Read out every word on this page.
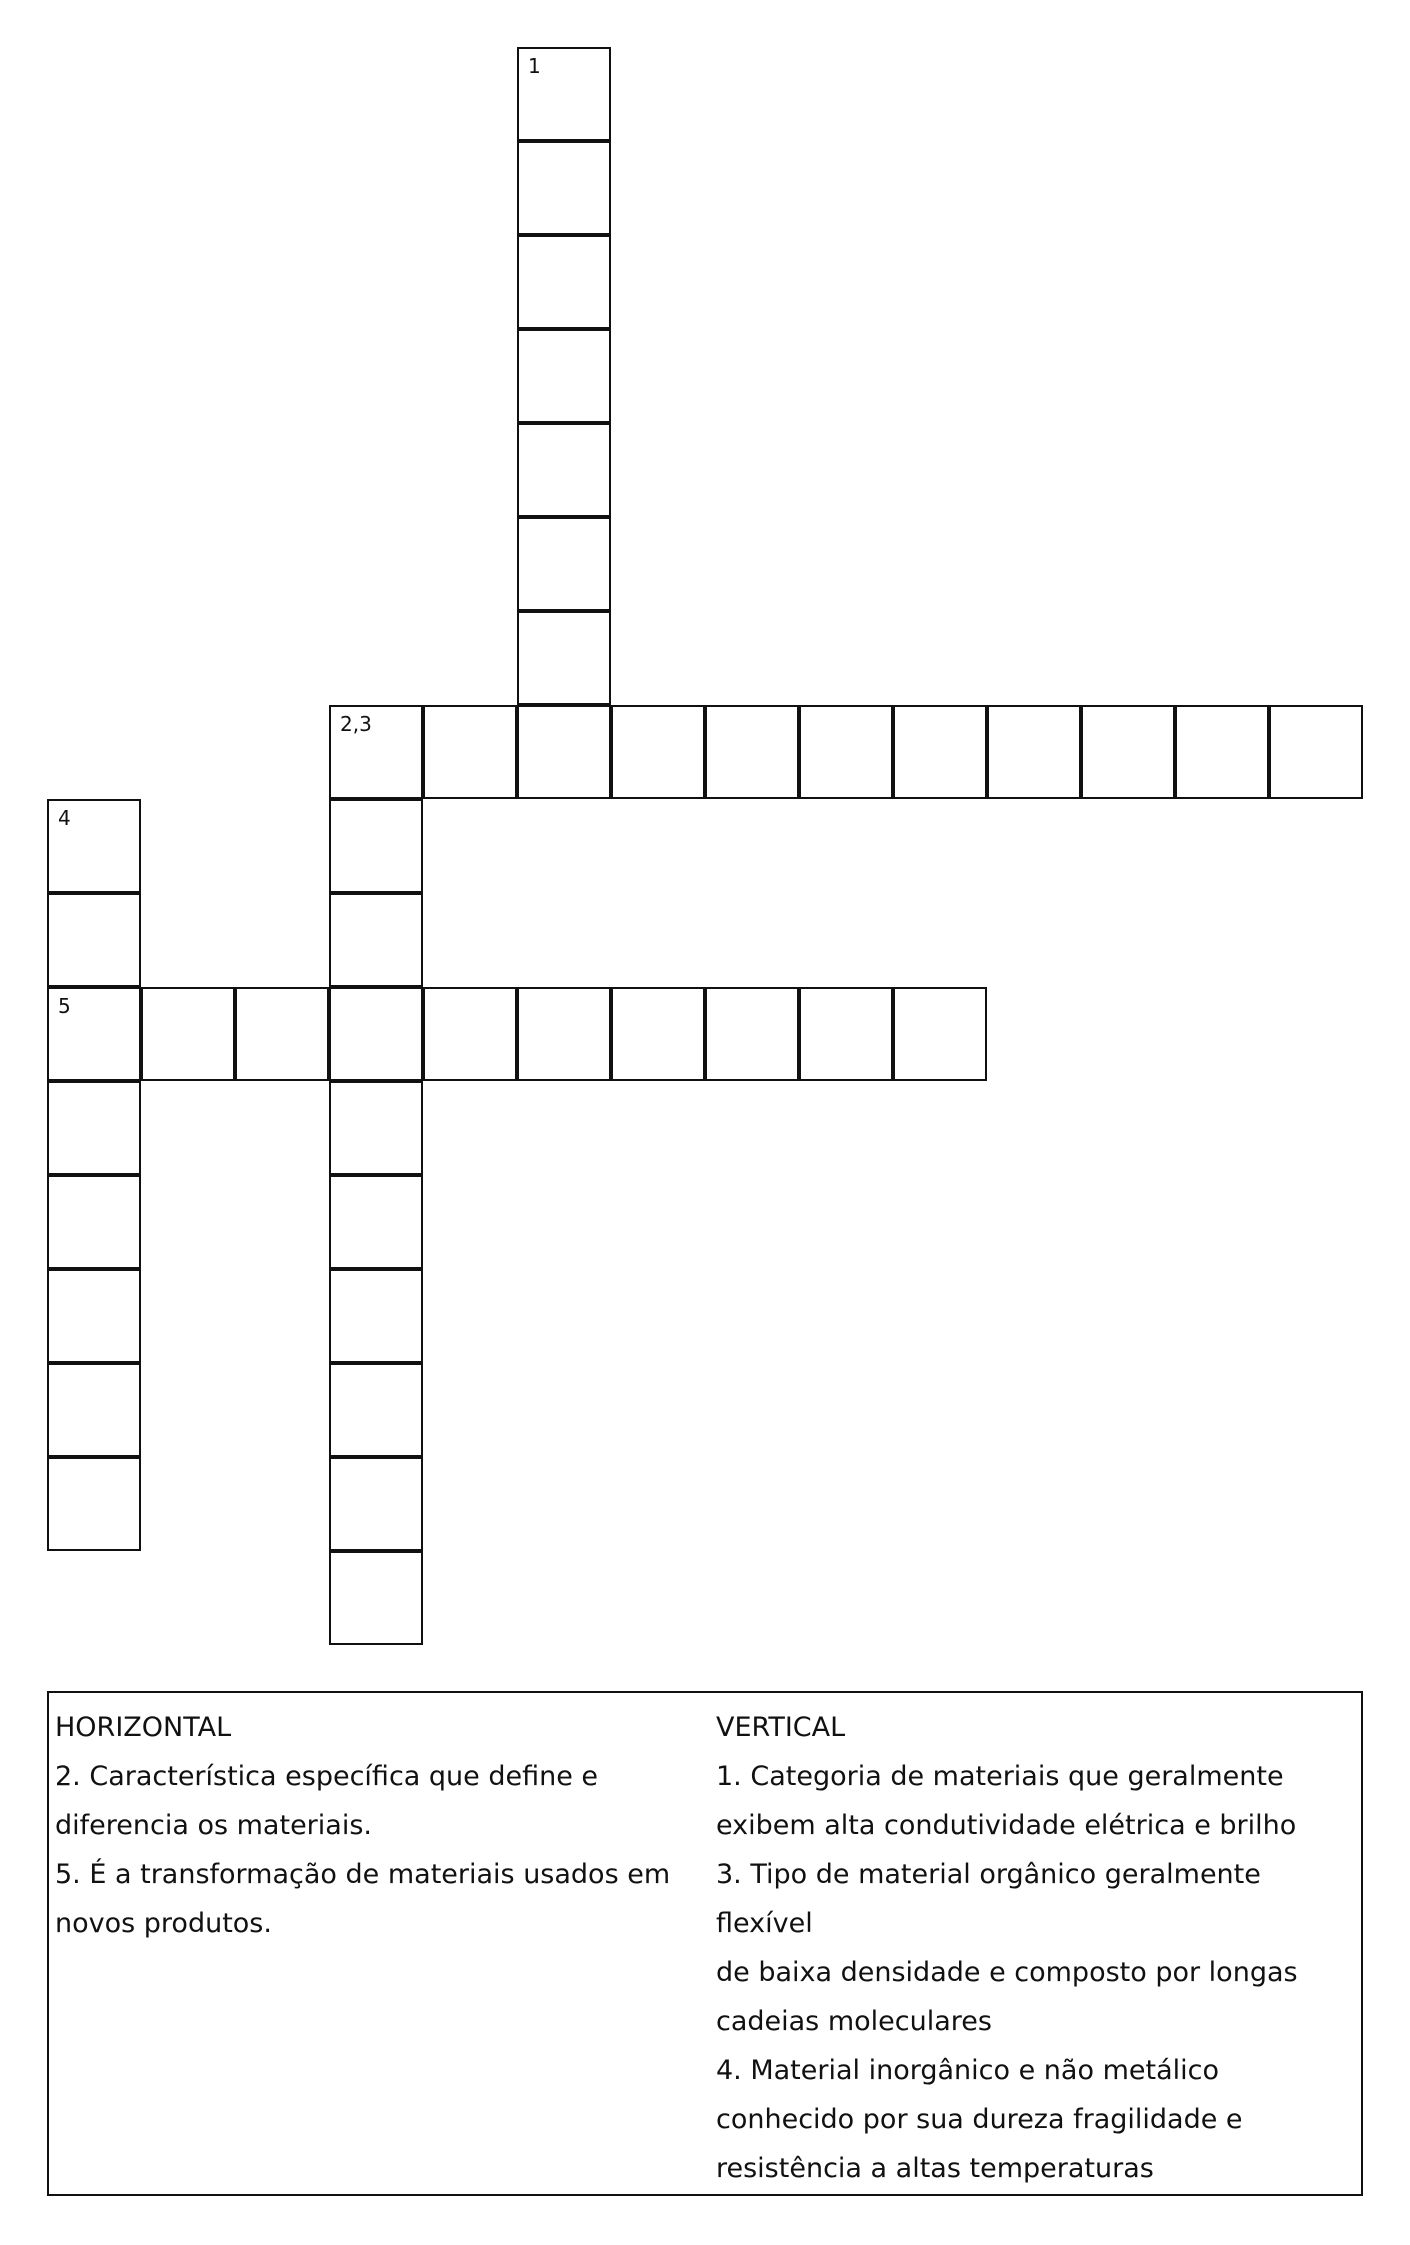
1
2,3
4
5

HORIZONTAL

2. Característica específica que define e

diferencia os materiais.

5. É a transformação de materiais usados em

novos produtos.

VERTICAL

1. Categoria de materiais que geralmente

exibem alta condutividade elétrica e brilho

3. Tipo de material orgânico geralmente flexível

de baixa densidade e composto por longas

cadeias moleculares

4. Material inorgânico e não metálico

conhecido por sua dureza fragilidade e

resistência a altas temperaturas
